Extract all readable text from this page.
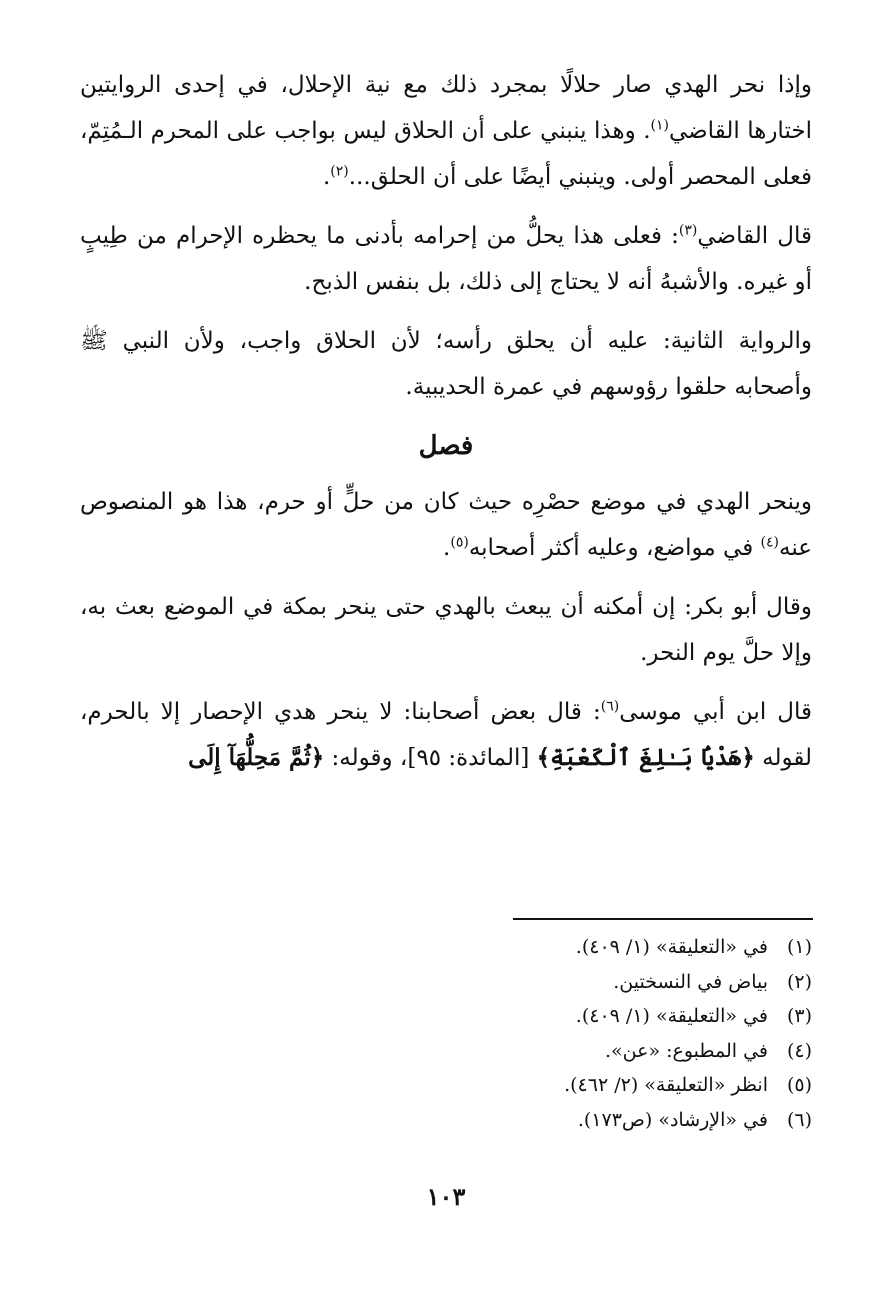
وإذا نحر الهدي صار حلالًا بمجرد ذلك مع نية الإحلال، في إحدى الروايتين اختارها القاضي$^{(١)}$. وهذا ينبني على أن الحلاق ليس بواجب على المحرم الـمُتِمّ، فعلى المحصر أولى. وينبني أيضًا على أن الحلق...$^{(٢)}$.

قال القاضي$^{(٣)}$: فعلى هذا يحلُّ من إحرامه بأدنى ما يحظره الإحرام من طِيبٍ أو غيره. والأشبهُ أنه لا يحتاج إلى ذلك، بل بنفس الذبح.

والرواية الثانية: عليه أن يحلق رأسه؛ لأن الحلاق واجب، ولأن النبي ﷺ وأصحابه حلقوا رؤوسهم في عمرة الحديبية.

فصل

وينحر الهدي في موضع حصْرِه حيث كان من حلٍّ أو حرم، هذا هو المنصوص عنه$^{(٤)}$ في مواضع، وعليه أكثر أصحابه$^{(٥)}$.

وقال أبو بكر: إن أمكنه أن يبعث بالهدي حتى ينحر بمكة في الموضع بعث به، وإلا حلَّ يوم النحر.

قال ابن أبي موسى$^{(٦)}$: قال بعض أصحابنا: لا ينحر هدي الإحصار إلا بالحرم، لقوله ﴿هَدْيَۢا بَـٰلِغَ ٱلْكَعْبَةِ﴾ [المائدة: ٩٥]، وقوله: ﴿ثُمَّ مَحِلُّهَآ إِلَى

(١)
في «التعليقة» (١/ ٤٠٩).
(٢)
بياض في النسختين.
(٣)
في «التعليقة» (١/ ٤٠٩).
(٤)
في المطبوع: «عن».
(٥)
انظر «التعليقة» (٢/ ٤٦٢).
(٦)
في «الإرشاد» (ص١٧٣).
١٠٣
